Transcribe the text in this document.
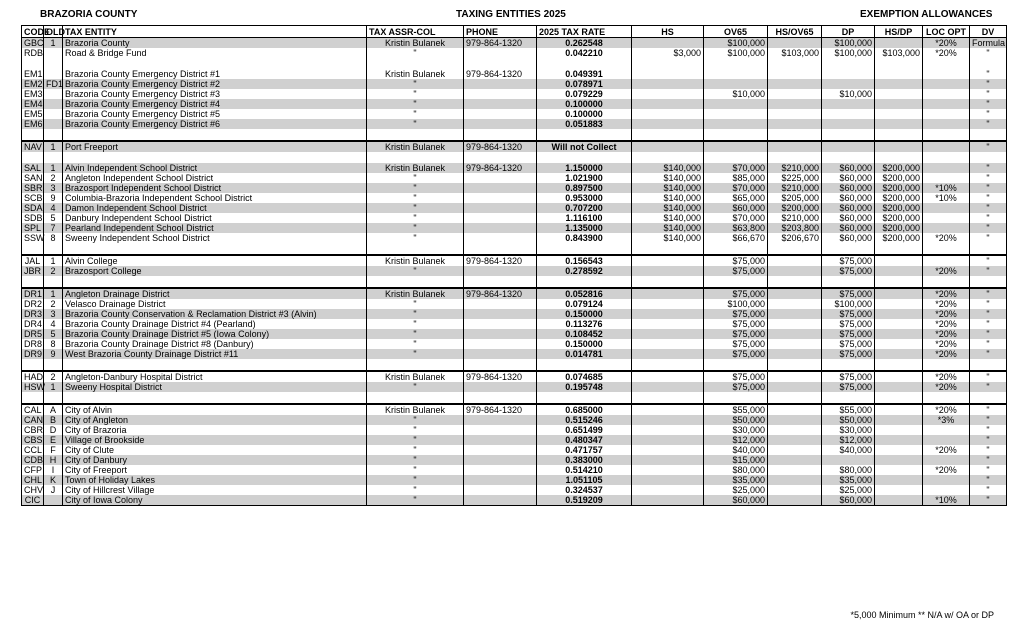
BRAZORIA COUNTY	TAXING ENTITIES 2025	EXEMPTION ALLOWANCES
CODE	OLD	TAX ENTITY	TAX ASSR-COL	PHONE	2025 TAX RATE	HS	OV65	HS/OV65	DP	HS/DP	LOC OPT	DV
GBC	1	Brazoria County	Kristin Bulanek	979-864-1320	0.262548		$100,000		$100,000		*20%	Formula
RDB		Road & Bridge Fund	"		0.042210	$3,000	$100,000	$103,000	$100,000	$103,000	*20%	"

EM1		Brazoria County Emergency District #1	Kristin Bulanek	979-864-1320	0.049391							"
EM2	FD1	Brazoria County Emergency District #2	"		0.078971							"
EM3		Brazoria County Emergency District #3	"		0.079229		$10,000		$10,000			"
EM4		Brazoria County Emergency District #4	"		0.100000							"
EM5		Brazoria County Emergency District #5	"		0.100000							"
EM6		Brazoria County Emergency District #6	"		0.051883							"

NAV	1	Port Freeport	Kristin Bulanek	979-864-1320	Will not Collect							"

SAL	1	Alvin Independent School District	Kristin Bulanek	979-864-1320	1.150000	$140,000	$70,000	$210,000	$60,000	$200,000		"
SAN	2	Angleton Independent School District	"		1.021900	$140,000	$85,000	$225,000	$60,000	$200,000		"
SBR	3	Brazosport Independent School District	"		0.897500	$140,000	$70,000	$210,000	$60,000	$200,000	*10%	"
SCB	9	Columbia-Brazoria Independent School District	"		0.953000	$140,000	$65,000	$205,000	$60,000	$200,000	*10%	"
SDA	4	Damon Independent School District	"		0.707200	$140,000	$60,000	$200,000	$60,000	$200,000		"
SDB	5	Danbury Independent School District	"		1.116100	$140,000	$70,000	$210,000	$60,000	$200,000		"
SPL	7	Pearland Independent School District	"		1.135000	$140,000	$63,800	$203,800	$60,000	$200,000		"
SSW	8	Sweeny Independent School District	"		0.843900	$140,000	$66,670	$206,670	$60,000	$200,000	*20%	"

JAL	1	Alvin College	Kristin Bulanek	979-864-1320	0.156543		$75,000		$75,000			"
JBR	2	Brazosport College	"		0.278592		$75,000		$75,000		*20%	"

DR1	1	Angleton Drainage District	Kristin Bulanek	979-864-1320	0.052816		$75,000		$75,000		*20%	"
DR2	2	Velasco Drainage District	"		0.079124		$100,000		$100,000		*20%	"
DR3	3	Brazoria County Conservation & Reclamation District #3 (Alvin)	"		0.150000		$75,000		$75,000		*20%	"
DR4	4	Brazoria County Drainage District #4 (Pearland)	"		0.113276		$75,000		$75,000		*20%	"
DR5	5	Brazoria County Drainage District #5 (Iowa Colony)	"		0.108452		$75,000		$75,000		*20%	"
DR8	8	Brazoria County Drainage District #8 (Danbury)	"		0.150000		$75,000		$75,000		*20%	"
DR9	9	West Brazoria County Drainage District #11	"		0.014781		$75,000		$75,000		*20%	"

HAD	2	Angleton-Danbury Hospital District	Kristin Bulanek	979-864-1320	0.074685		$75,000		$75,000		*20%	"
HSW	1	Sweeny Hospital District	"		0.195748		$75,000		$75,000		*20%	"

CAL	A	City of Alvin	Kristin Bulanek	979-864-1320	0.685000		$55,000		$55,000		*20%	"
CAN	B	City of Angleton	"		0.515246		$50,000		$50,000		*3%	"
CBR	D	City of Brazoria	"		0.651499		$30,000		$30,000			"
CBS	E	Village of Brookside	"		0.480347		$12,000		$12,000			"
CCL	F	City of Clute	"		0.471757		$40,000		$40,000		*20%	"
CDB	H	City of Danbury	"		0.383000		$15,000					"
CFP	I	City of Freeport	"		0.514210		$80,000		$80,000		*20%	"
CHL	K	Town of Holiday Lakes	"		1.051105		$35,000		$35,000			"
CHV	J	City of Hillcrest Village	"		0.324537		$25,000		$25,000			"
CIC		City of Iowa Colony	"		0.519209		$60,000		$60,000		*10%	"
*5,000 Minimum ** N/A w/ OA or DP
